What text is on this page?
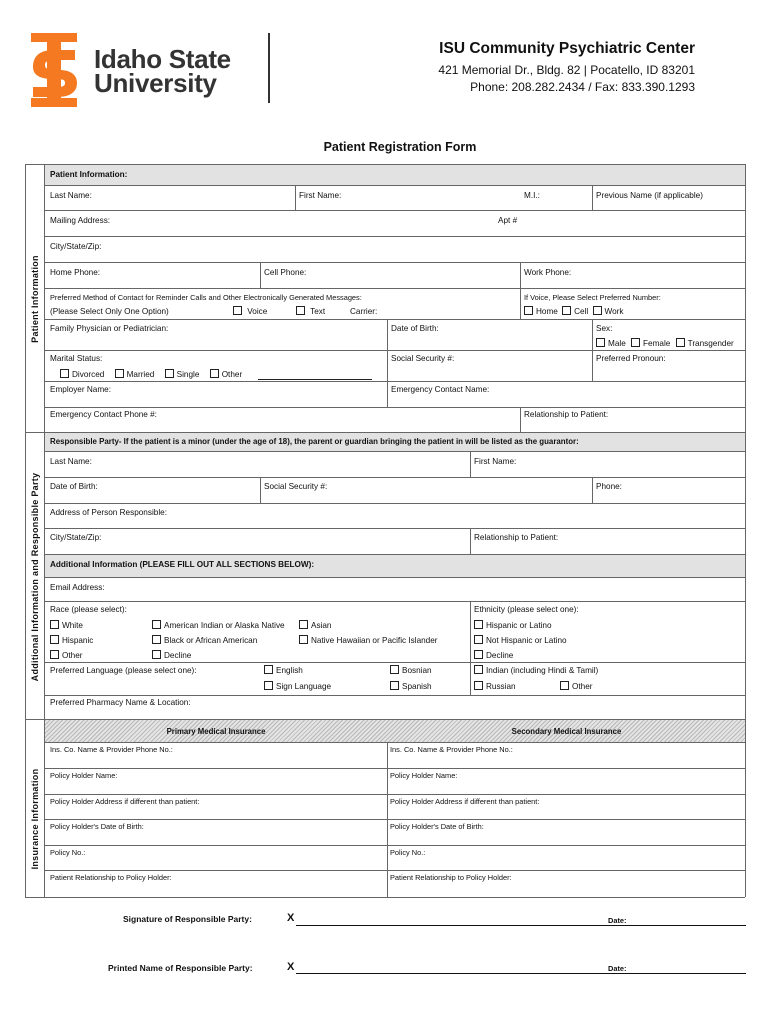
Idaho State
University
ISU Community Psychiatric Center
421 Memorial Dr., Bldg. 82 | Pocatello, ID 83201
Phone: 208.282.2434 / Fax: 833.390.1293
Patient Registration Form
Patient Information
Additional Information and Responsible Party
Insurance Information
Patient Information:
Last Name:	First Name:	M.I.:	Previous Name (if applicable)
Mailing Address:	Apt #
City/State/Zip:
Home Phone:	Cell Phone:	Work Phone:
Preferred Method of Contact for Reminder Calls and Other Electronically Generated Messages:
(Please Select Only One Option)	Voice	Text	Carrier:
If Voice, Please Select Preferred Number:
Home Cell Work
Family Physician or Pediatrician:	Date of Birth:	Sex:
Male Female Transgender
Marital Status:	Social Security #:	Preferred Pronoun:
Divorced	Married	Single	Other
Employer Name:	Emergency Contact Name:
Emergency Contact Phone #:	Relationship to Patient:
Responsible Party- If the patient is a minor (under the age of 18), the parent or guardian bringing the patient in will be listed as the guarantor:
Last Name:	First Name:
Date of Birth:	Social Security #:	Phone:
Address of Person Responsible:
City/State/Zip:	Relationship to Patient:
Additional Information (PLEASE FILL OUT ALL SECTIONS BELOW):
Email Address:
Race (please select):
White	American Indian or Alaska Native	Asian
Hispanic	Black or African American	Native Hawaiian or Pacific Islander
Other	Decline
Ethnicity (please select one):
Hispanic or Latino
Not Hispanic or Latino
Decline
Preferred Language (please select one):	English	Bosnian	Indian (including Hindi & Tamil)
Sign Language	Spanish	Russian	Other
Preferred Pharmacy Name & Location:
Primary Medical Insurance	Secondary Medical Insurance
Ins. Co. Name & Provider Phone No.:	Ins. Co. Name & Provider Phone No.:
Policy Holder Name:	Policy Holder Name:
Policy Holder Address if different than patient:	Policy Holder Address if different than patient:
Policy Holder's Date of Birth:	Policy Holder's Date of Birth:
Policy No.:	Policy No.:
Patient Relationship to Policy Holder:	Patient Relationship to Policy Holder:
Signature of Responsible Party:	X	Date:
Printed Name of Responsible Party:	X	Date:
